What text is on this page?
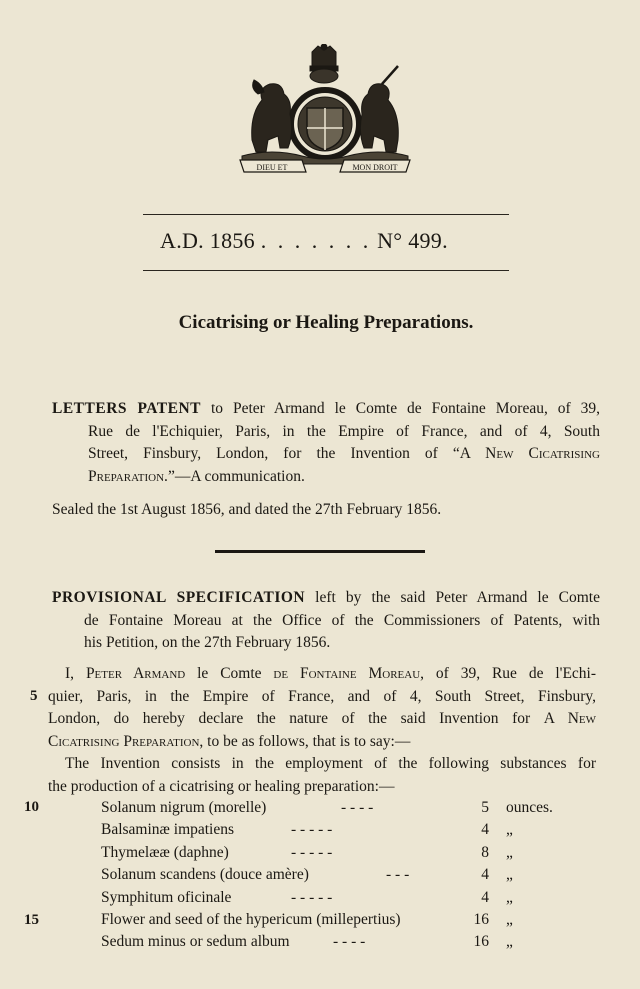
DIEU ET	MON DROIT
A.D. 1856 . . . . . . . N° 499.
Cicatrising or Healing Preparations.
LETTERS PATENT to Peter Armand le Comte de Fontaine Moreau, of 39,
Rue de l'Echiquier, Paris, in the Empire of France, and of 4, South
Street, Finsbury, London, for the Invention of “A New Cicatrising
Preparation.”—A communication.
Sealed the 1st August 1856, and dated the 27th February 1856.
PROVISIONAL SPECIFICATION left by the said Peter Armand le Comte
de Fontaine Moreau at the Office of the Commissioners of Patents, with
his Petition, on the 27th February 1856.
I, Peter Armand le Comte de Fontaine Moreau, of 39, Rue de l'Echi-
quier, Paris, in the Empire of France, and of 4, South Street, Finsbury,
London, do hereby declare the nature of the said Invention for A New
Cicatrising Preparation, to be as follows, that is to say:—
The Invention consists in the employment of the following substances for
the production of a cicatrising or healing preparation:—
5
10
15
Solanum nigrum (morelle)	- - - -	5 ounces.
Balsaminæ impatiens	- - - - -	4 „
Thymelææ (daphne)	- - - - -	8 „
Solanum scandens (douce amère)	- - -	4 „
Symphitum oficinale	- - - - -	4 „
Flower and seed of the hypericum (millepertius)	16 „
Sedum minus or sedum album	- - - -	16 „
